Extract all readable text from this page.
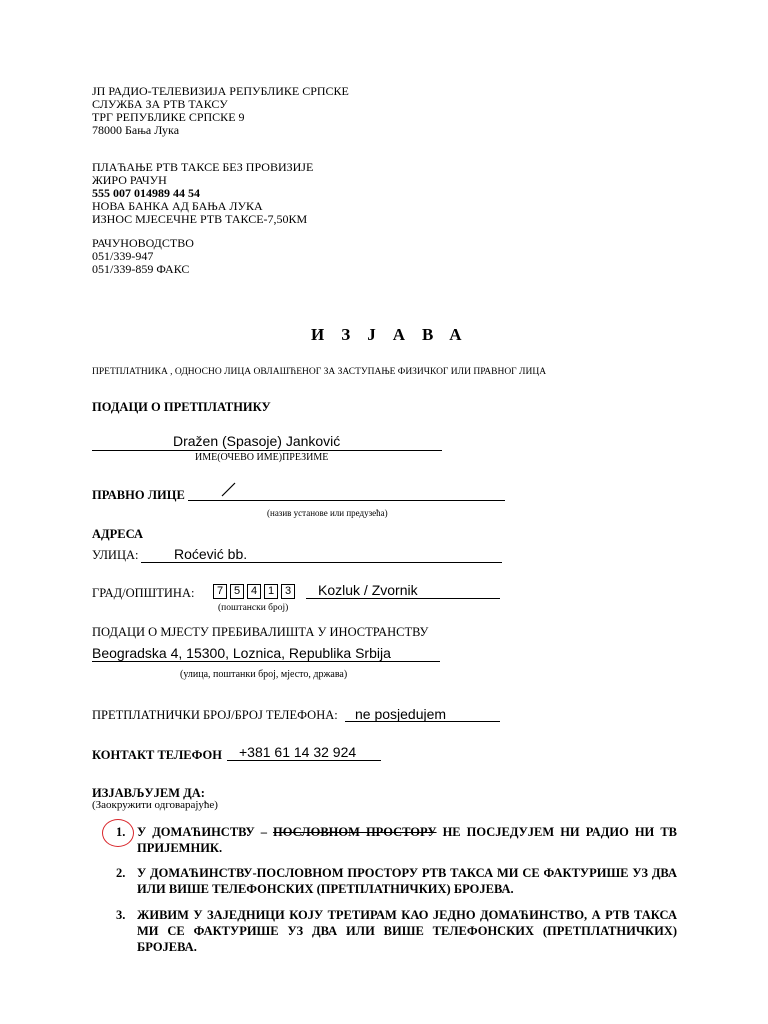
ЈП РАДИО-ТЕЛЕВИЗИЈА РЕПУБЛИКЕ СРПСКЕ
СЛУЖБА ЗА РТВ ТАКСУ
ТРГ РЕПУБЛИКЕ СРПСКЕ 9
78000 Бања Лука
ПЛАЋАЊЕ РТВ ТАКСЕ БЕЗ ПРОВИЗИЈЕ
ЖИРО РАЧУН
555 007 014989 44 54
НОВА БАНКА АД БАЊА ЛУКА
ИЗНОС МЈЕСЕЧНЕ РТВ ТАКСЕ-7,50КМ
РАЧУНОВОДСТВО
051/339-947
051/339-859 ФАКС
ИЗЈАВА
ПРЕТПЛАТНИКА , ОДНОСНО ЛИЦА ОВЛАШЋЕНОГ ЗА ЗАСТУПАЊЕ ФИЗИЧКОГ ИЛИ ПРАВНОГ ЛИЦА
ПОДАЦИ О ПРЕТПЛАТНИКУ
Dražen (Spasoje) Janković
ИМЕ(ОЧЕВО ИМЕ)ПРЕЗИМЕ
ПРАВНО ЛИЦЕ
(назив установе или предузећа)
АДРЕСА
УЛИЦА:	Roćević bb.
ГРАД/ОПШТИНА:	7 5 4 1 3	Kozluk / Zvornik
(поштански број)
ПОДАЦИ О МЈЕСТУ ПРЕБИВАЛИШТА У ИНОСТРАНСТВУ
Beogradska 4, 15300, Loznica, Republika Srbija
(улица, поштанки број, мјесто, држава)
ПРЕТПЛАТНИЧКИ БРОЈ/БРОЈ ТЕЛЕФОНА: ne posjedujem
КОНТАКТ ТЕЛЕФОН +381 61 14 32 924
ИЗЈАВЉУЈЕМ ДА:
(Заокружити одговарајуће)
1. У ДОМАЋИНСТВУ – ПОСЛОВНОМ ПРОСТОРУ НЕ ПОСЈЕДУЈЕМ НИ РАДИО НИ ТВ ПРИЈЕМНИК.
2. У ДОМАЋИНСТВУ-ПОСЛОВНОМ ПРОСТОРУ РТВ ТАКСА МИ СЕ ФАКТУРИШЕ УЗ ДВА ИЛИ ВИШЕ ТЕЛЕФОНСКИХ (ПРЕТПЛАТНИЧКИХ) БРОЈЕВА.
3. ЖИВИМ У ЗАЈЕДНИЦИ КОЈУ ТРЕТИРАМ КАО ЈЕДНО ДОМАЋИНСТВО, А РТВ ТАКСА МИ СЕ ФАКТУРИШЕ УЗ ДВА ИЛИ ВИШЕ ТЕЛЕФОНСКИХ (ПРЕТПЛАТНИЧКИХ) БРОЈЕВА.
